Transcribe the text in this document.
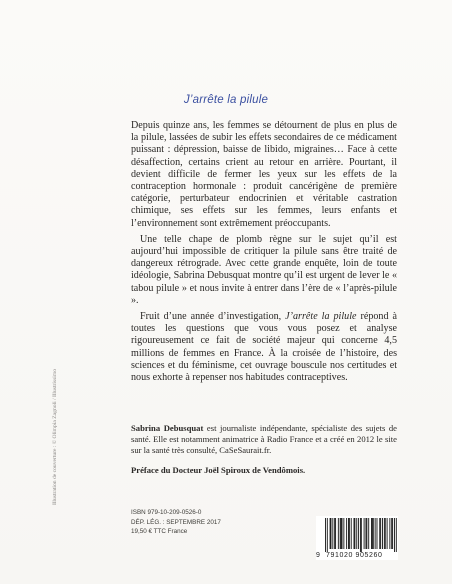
J’arrête la pilule

Depuis quinze ans, les femmes se détournent de plus en plus de la pilule, lassées de subir les effets secondaires de ce médicament puissant : dépression, baisse de libido, migraines… Face à cette désaffection, certains crient au retour en arrière. Pourtant, il devient difficile de fermer les yeux sur les effets de la contraception hormonale : produit cancérigène de première catégorie, perturbateur endocrinien et véritable castration chimique, ses effets sur les femmes, leurs enfants et l’environnement sont extrêmement préoccupants.

Une telle chape de plomb règne sur le sujet qu’il est aujourd’hui impossible de critiquer la pilule sans être traité de dangereux rétrograde. Avec cette grande enquête, loin de toute idéologie, Sabrina Debusquat montre qu’il est urgent de lever le « tabou pilule » et nous invite à entrer dans l’ère de « l’après-pilule ».

Fruit d’une année d’investigation, J’arrête la pilule répond à toutes les questions que vous vous posez et analyse rigoureusement ce fait de société majeur qui concerne 4,5 millions de femmes en France. À la croisée de l’histoire, des sciences et du féminisme, cet ouvrage bouscule nos certitudes et nous exhorte à repenser nos habitudes contraceptives.

Sabrina Debusquat est journaliste indépendante, spécialiste des sujets de santé. Elle est notamment animatrice à Radio France et a créé en 2012 le site sur la santé très consulté, CaSeSaurait.fr.

Préface du Docteur Joël Spiroux de Vendômois.
ISBN 979-10-209-0526-0
DÉP. LÉG. : SEPTEMBRE 2017
19,50 € TTC France
Illustration de couverture : © Olimpia Zagnoli / Illustrissimo
9 791020 905260
